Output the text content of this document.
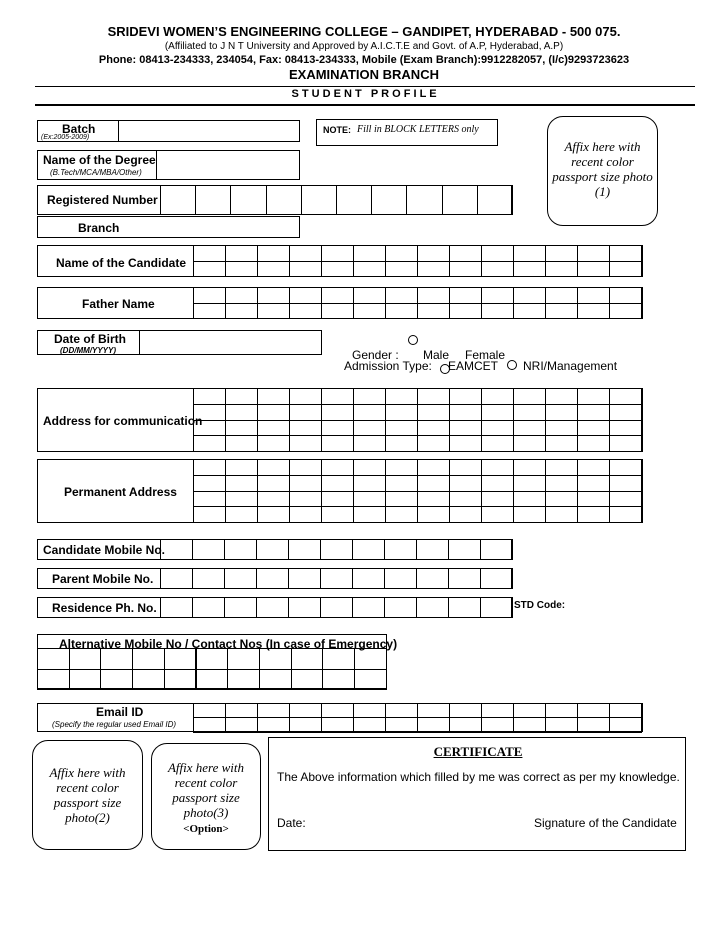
SRIDEVI WOMEN’S ENGINEERING COLLEGE – GANDIPET, HYDERABAD - 500 075.
(Affiliated to J N T University and Approved by A.I.C.T.E and Govt. of A.P, Hyderabad, A.P)
Phone: 08413-234333, 234054, Fax: 08413-234333, Mobile (Exam Branch):9912282057, (I/c)9293723623
EXAMINATION BRANCH
S T U D E N T   P R O F I L E
NOTE: Fill in BLOCK LETTERS only
Affix here with recent color passport size photo (1)
Batch
(Ex:2005-2009)
Name of the Degree
(B.Tech/MCA/MBA/Other)
Registered Number
Branch
Name of the Candidate
Father Name
Date of Birth
(DD/MM/YYYY)	Gender : Male Female
Admission Type: EAMCET NRI/Management
Address for communication
Permanent Address
Candidate Mobile No.
Parent Mobile No.
Residence Ph. No.	STD Code:
Alternative Mobile No / Contact Nos (In case of Emergency)
Email ID
(Specify the regular used Email ID)
Affix here with recent color passport size photo(2)
Affix here with recent color passport size photo(3)
<Option>
CERTIFICATE
The Above information which filled by me was correct as per my knowledge.
Date:	Signature of the Candidate
